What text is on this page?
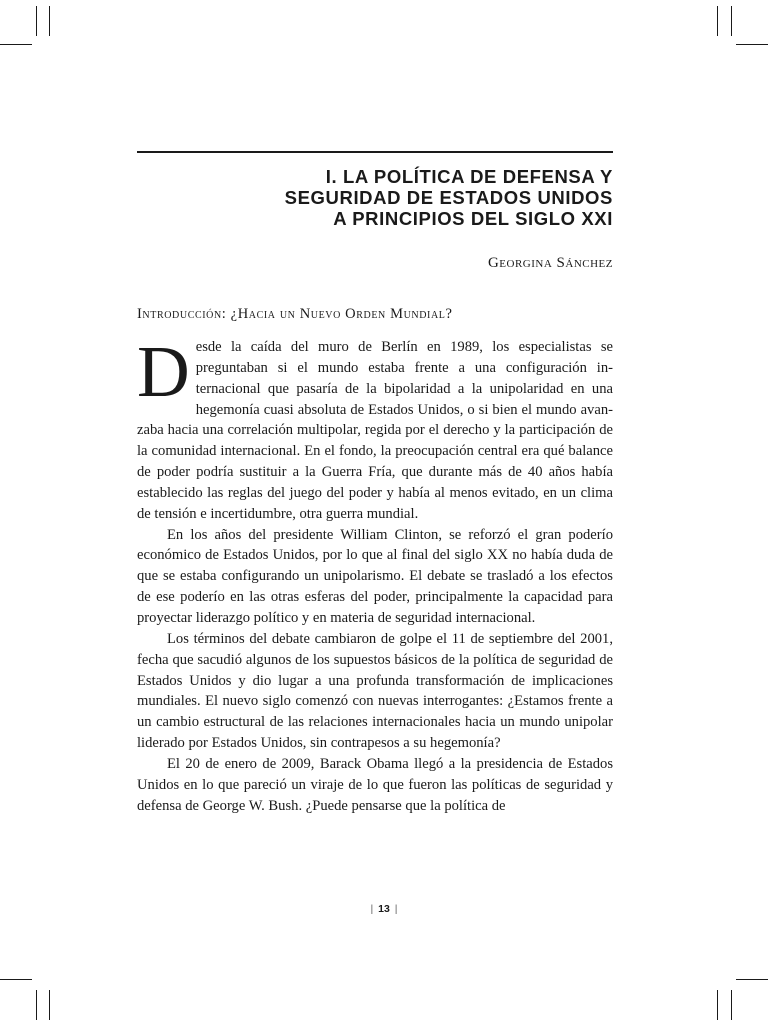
I. LA POLÍTICA DE DEFENSA Y
SEGURIDAD DE ESTADOS UNIDOS
A PRINCIPIOS DEL SIGLO XXI
Georgina Sánchez
Introducción: ¿Hacia un Nuevo Orden Mundial?

Desde la caída del muro de Berlín en 1989, los especialistas se preguntaban si el mundo estaba frente a una configuración internacional que pasaría de la bipolaridad a la unipolaridad en una hegemonía cuasi absoluta de Estados Unidos, o si bien el mundo avanzaba hacia una correlación multipolar, regida por el derecho y la participación de la comunidad internacional. En el fondo, la preocupación central era qué balance de poder podría sustituir a la Guerra Fría, que durante más de 40 años había establecido las reglas del juego del poder y había al menos evitado, en un clima de tensión e incertidumbre, otra guerra mundial.

En los años del presidente William Clinton, se reforzó el gran poderío económico de Estados Unidos, por lo que al final del siglo XX no había duda de que se estaba configurando un unipolarismo. El debate se trasladó a los efectos de ese poderío en las otras esferas del poder, principalmente la capacidad para proyectar liderazgo político y en materia de seguridad internacional.

Los términos del debate cambiaron de golpe el 11 de septiembre del 2001, fecha que sacudió algunos de los supuestos básicos de la política de seguridad de Estados Unidos y dio lugar a una profunda transformación de implicaciones mundiales. El nuevo siglo comenzó con nuevas interrogantes: ¿Estamos frente a un cambio estructural de las relaciones internacionales hacia un mundo unipolar liderado por Estados Unidos, sin contrapesos a su hegemonía?

El 20 de enero de 2009, Barack Obama llegó a la presidencia de Estados Unidos en lo que pareció un viraje de lo que fueron las políticas de seguridad y defensa de George W. Bush. ¿Puede pensarse que la política de

| 13 |
